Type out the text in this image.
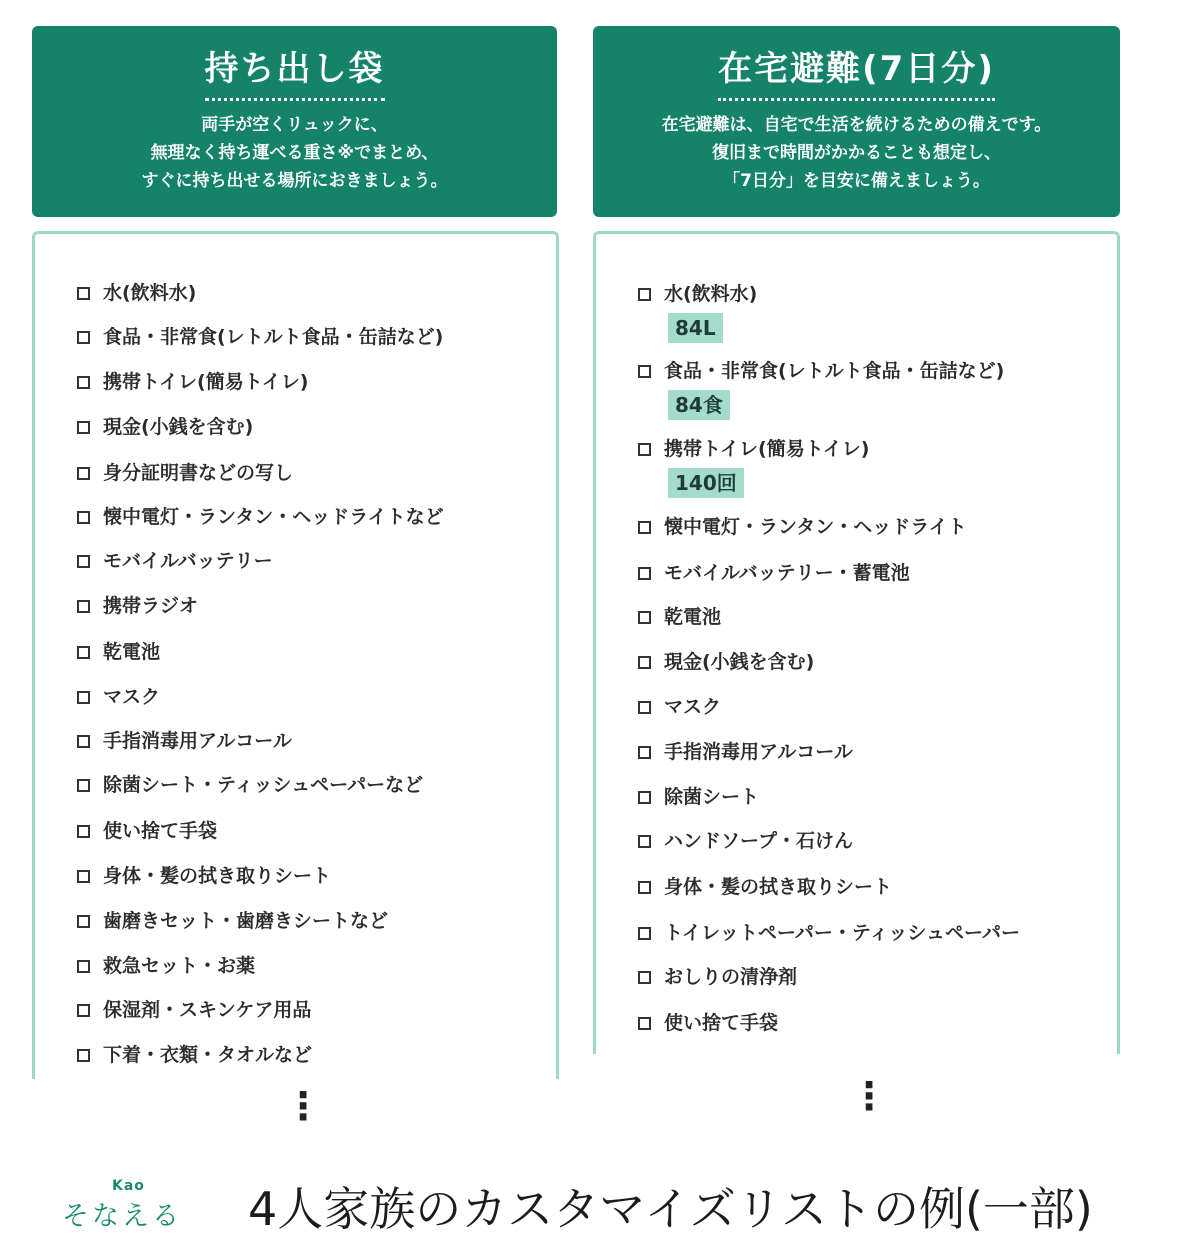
持ち出し袋
両手が空くリュックに、
無理なく持ち運べる重さ※でまとめ、
すぐに持ち出せる場所におきましょう。
在宅避難(7日分)
在宅避難は、自宅で生活を続けるための備えです。
復旧まで時間がかかることも想定し、
「7日分」を目安に備えましょう。
水(飲料水)
食品・非常食(レトルト食品・缶詰など)
携帯トイレ(簡易トイレ)
現金(小銭を含む)
身分証明書などの写し
懐中電灯・ランタン・ヘッドライトなど
モバイルバッテリー
携帯ラジオ
乾電池
マスク
手指消毒用アルコール
除菌シート・ティッシュペーパーなど
使い捨て手袋
身体・髪の拭き取りシート
歯磨きセット・歯磨きシートなど
救急セット・お薬
保湿剤・スキンケア用品
下着・衣類・タオルなど
水(飲料水)
84L
食品・非常食(レトルト食品・缶詰など)
84食
携帯トイレ(簡易トイレ)
140回
懐中電灯・ランタン・ヘッドライト
モバイルバッテリー・蓄電池
乾電池
現金(小銭を含む)
マスク
手指消毒用アルコール
除菌シート
ハンドソープ・石けん
身体・髪の拭き取りシート
トイレットペーパー・ティッシュペーパー
おしりの清浄剤
使い捨て手袋
⋮	⋮
Kao
そなえる 4人家族のカスタマイズリストの例(一部)
